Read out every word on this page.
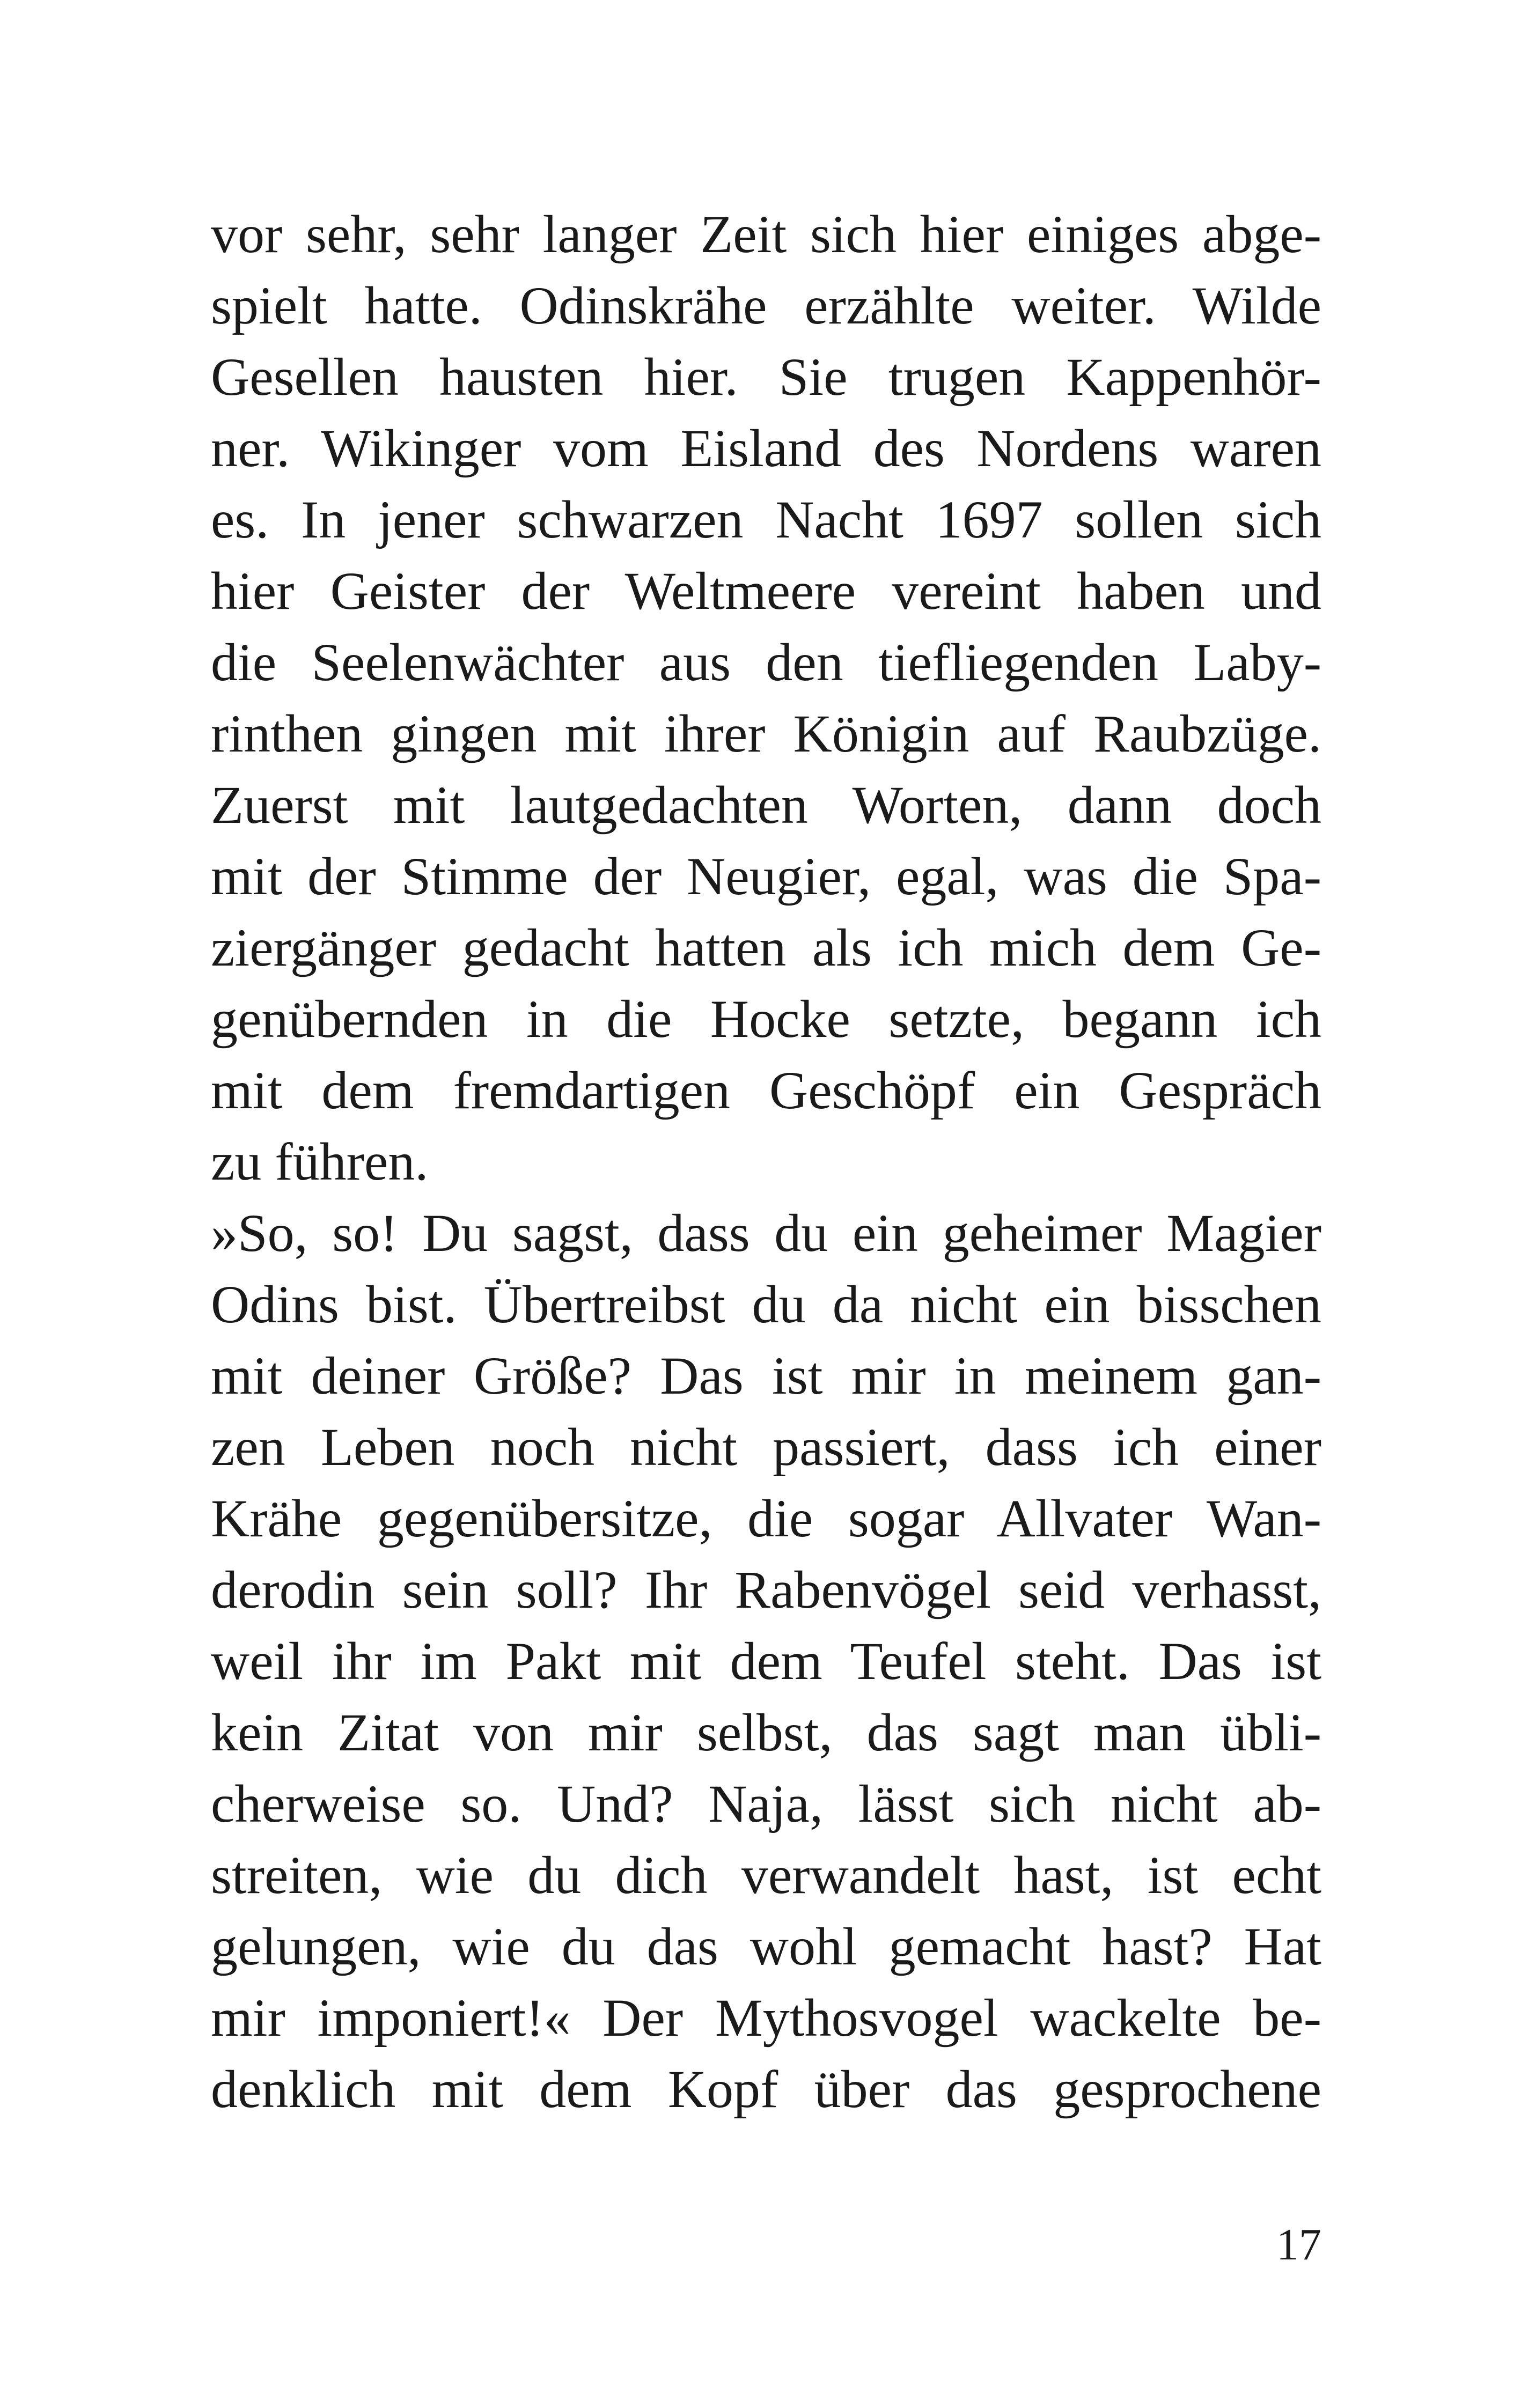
vor sehr, sehr langer Zeit sich hier einiges abge-
spielt hatte. Odinskrähe erzählte weiter. Wilde
Gesellen hausten hier. Sie trugen Kappenhör-
ner. Wikinger vom Eisland des Nordens waren
es. In jener schwarzen Nacht 1697 sollen sich
hier Geister der Weltmeere vereint haben und
die Seelenwächter aus den tiefliegenden Laby-
rinthen gingen mit ihrer Königin auf Raubzüge.
Zuerst mit lautgedachten Worten, dann doch
mit der Stimme der Neugier, egal, was die Spa-
ziergänger gedacht hatten als ich mich dem Ge-
genübernden in die Hocke setzte, begann ich
mit dem fremdartigen Geschöpf ein Gespräch
zu führen.
»So, so! Du sagst, dass du ein geheimer Magier
Odins bist. Übertreibst du da nicht ein bisschen
mit deiner Größe? Das ist mir in meinem gan-
zen Leben noch nicht passiert, dass ich einer
Krähe gegenübersitze, die sogar Allvater Wan-
derodin sein soll? Ihr Rabenvögel seid verhasst,
weil ihr im Pakt mit dem Teufel steht. Das ist
kein Zitat von mir selbst, das sagt man übli-
cherweise so. Und? Naja, lässt sich nicht ab-
streiten, wie du dich verwandelt hast, ist echt
gelungen, wie du das wohl gemacht hast? Hat
mir imponiert!« Der Mythosvogel wackelte be-
denklich mit dem Kopf über das gesprochene
17
